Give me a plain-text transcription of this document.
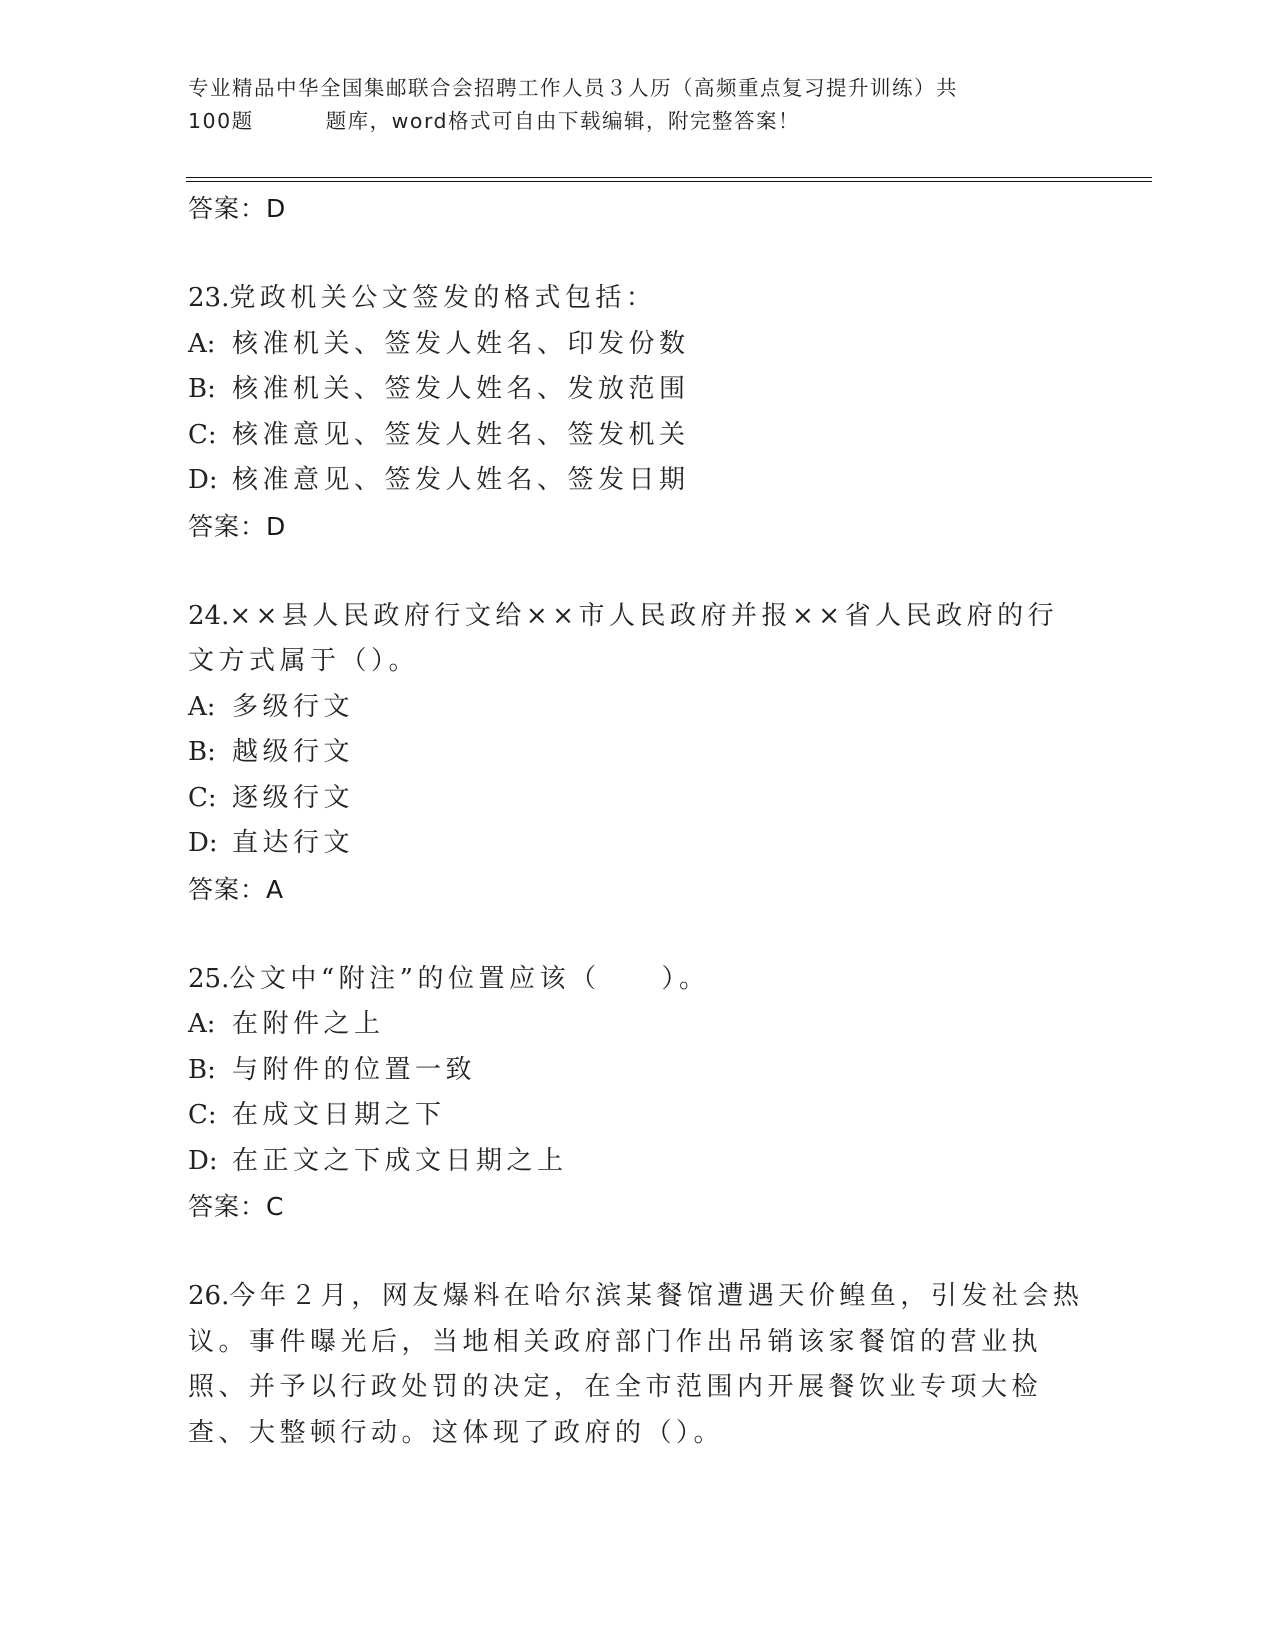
专业精品中华全国集邮联合会招聘工作人员３人历（高频重点复习提升训练）共
100题	题库，word格式可自由下载编辑，附完整答案！
答案：D
23.党政机关公文签发的格式包括：
A: 核准机关、签发人姓名、印发份数
B: 核准机关、签发人姓名、发放范围
C: 核准意见、签发人姓名、签发机关
D: 核准意见、签发人姓名、签发日期
答案：D
24.××县人民政府行文给××市人民政府并报××省人民政府的行文方式属于（）。
A: 多级行文
B: 越级行文
C: 逐级行文
D: 直达行文
答案：A
25.公文中“附注”的位置应该（　　）。
A: 在附件之上
B: 与附件的位置一致
C: 在成文日期之下
D: 在正文之下成文日期之上
答案：C
26.今年２月，网友爆料在哈尔滨某餐馆遭遇天价鳇鱼，引发社会热议。事件曝光后，当地相关政府部门作出吊销该家餐馆的营业执照、并予以行政处罚的决定，在全市范围内开展餐饮业专项大检查、大整顿行动。这体现了政府的（）。
